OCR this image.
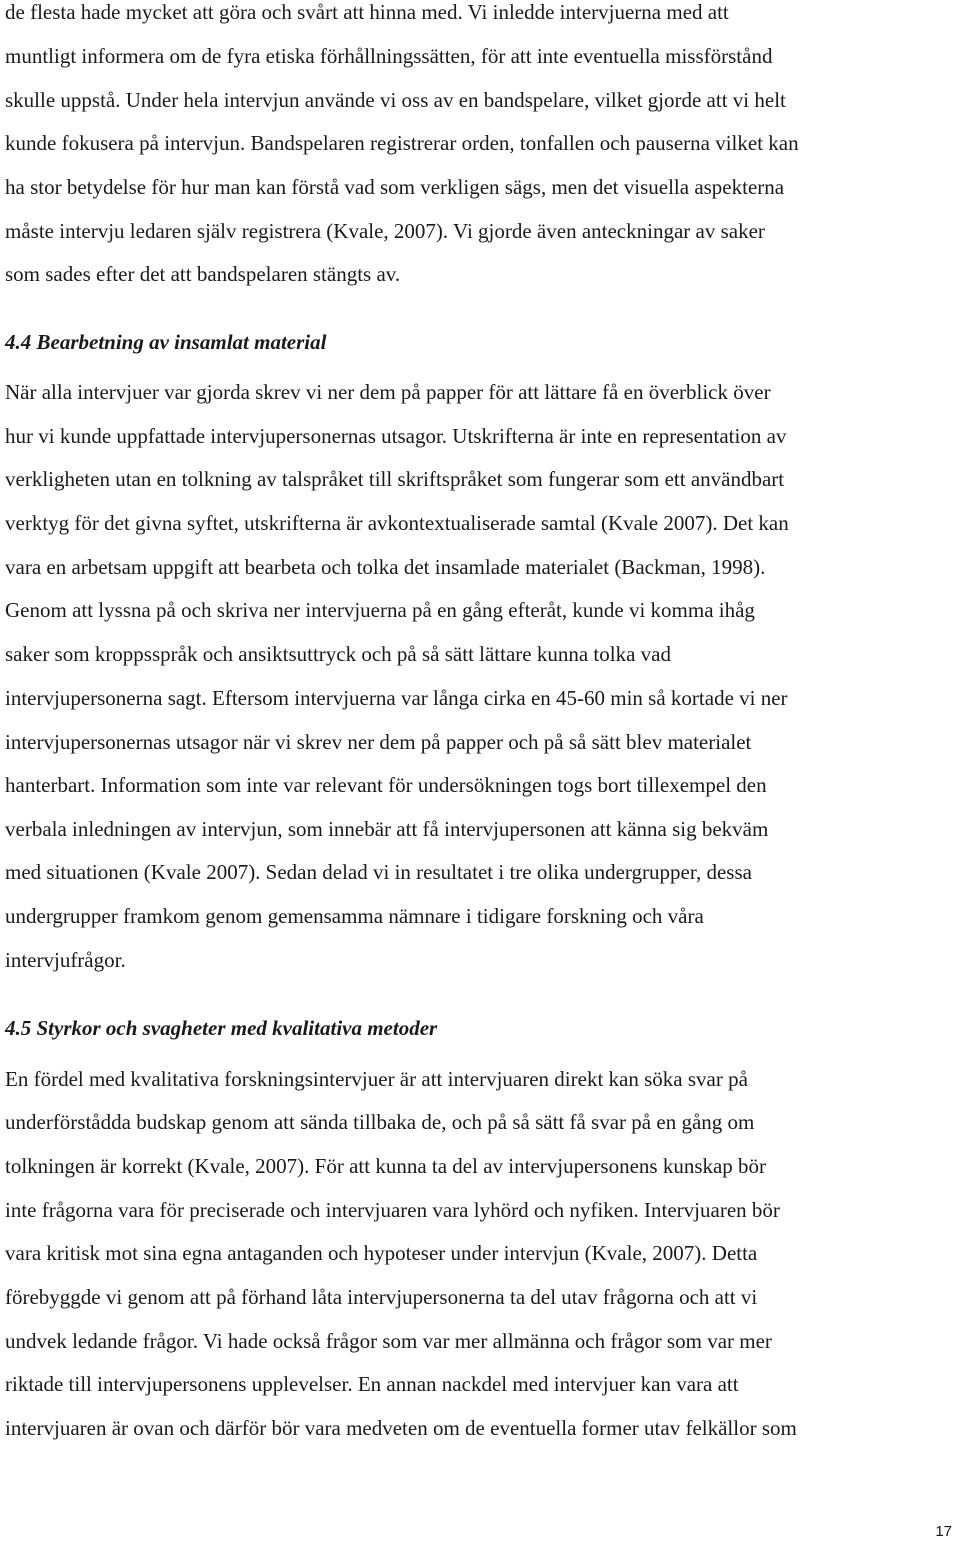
de flesta hade mycket att göra och svårt att hinna med. Vi inledde intervjuerna med att
muntligt informera om de fyra etiska förhållningssätten, för att inte eventuella missförstånd
skulle uppstå. Under hela intervjun använde vi oss av en bandspelare, vilket gjorde att vi helt
kunde fokusera på intervjun. Bandspelaren registrerar orden, tonfallen och pauserna vilket kan
ha stor betydelse för hur man kan förstå vad som verkligen sägs, men det visuella aspekterna
måste intervju ledaren själv registrera (Kvale, 2007). Vi gjorde även anteckningar av saker
som sades efter det att bandspelaren stängts av.
4.4 Bearbetning av insamlat material
När alla intervjuer var gjorda skrev vi ner dem på papper för att lättare få en överblick över
hur vi kunde uppfattade intervjupersonernas utsagor. Utskrifterna är inte en representation av
verkligheten utan en tolkning av talspråket till skriftspråket som fungerar som ett användbart
verktyg för det givna syftet, utskrifterna är avkontextualiserade samtal (Kvale 2007). Det kan
vara en arbetsam uppgift att bearbeta och tolka det insamlade materialet (Backman, 1998).
Genom att lyssna på och skriva ner intervjuerna på en gång efteråt, kunde vi komma ihåg
saker som kroppsspråk och ansiktsuttryck och på så sätt lättare kunna tolka vad
intervjupersonerna sagt. Eftersom intervjuerna var långa cirka en 45-60 min så kortade vi ner
intervjupersonernas utsagor när vi skrev ner dem på papper och på så sätt blev materialet
hanterbart. Information som inte var relevant för undersökningen togs bort tillexempel den
verbala inledningen av intervjun, som innebär att få intervjupersonen att känna sig bekväm
med situationen (Kvale 2007). Sedan delad vi in resultatet i tre olika undergrupper, dessa
undergrupper framkom genom gemensamma nämnare i tidigare forskning och våra
intervjufrågor.
4.5 Styrkor och svagheter med kvalitativa metoder
En fördel med kvalitativa forskningsintervjuer är att intervjuaren direkt kan söka svar på
underförstådda budskap genom att sända tillbaka de, och på så sätt få svar på en gång om
tolkningen är korrekt (Kvale, 2007). För att kunna ta del av intervjupersonens kunskap bör
inte frågorna vara för preciserade och intervjuaren vara lyhörd och nyfiken. Intervjuaren bör
vara kritisk mot sina egna antaganden och hypoteser under intervjun (Kvale, 2007). Detta
förebyggde vi genom att på förhand låta intervjupersonerna ta del utav frågorna och att vi
undvek ledande frågor. Vi hade också frågor som var mer allmänna och frågor som var mer
riktade till intervjupersonens upplevelser. En annan nackdel med intervjuer kan vara att
intervjuaren är ovan och därför bör vara medveten om de eventuella former utav felkällor som
17
